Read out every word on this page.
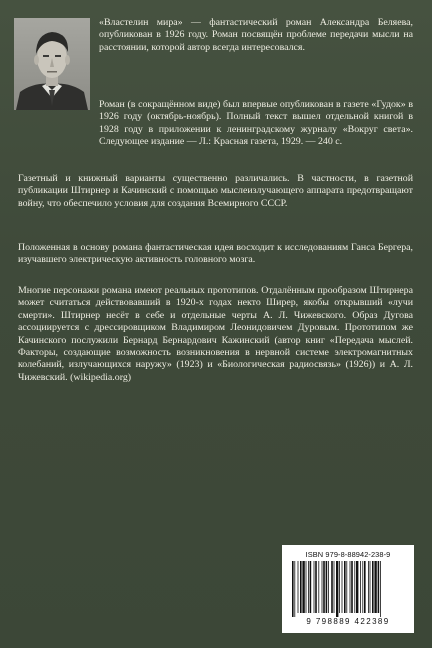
«Властелин мира» — фантастический роман Александра Беляева, опубликован в 1926 году. Роман посвящён проблеме передачи мысли на расстоянии, которой автор всегда интересовался.

Роман (в сокращённом виде) был впервые опубликован в газете «Гудок» в 1926 году (октябрь-ноябрь). Полный текст вышел отдельной книгой в 1928 году в приложении к ленинградскому журналу «Вокруг света». Следующее издание — Л.: Красная газета, 1929. — 240 с.

Газетный и книжный варианты существенно различались. В частности, в газетной публикации Штирнер и Качинский с помощью мыслеизлучающего аппарата предотвращают войну, что обеспечило условия для создания Всемирного СССР.

Положенная в основу романа фантастическая идея восходит к исследованиям Ганса Бергера, изучавшего электрическую активность головного мозга.

Многие персонажи романа имеют реальных прототипов. Отдалённым прообразом Штирнера может считаться действовавший в 1920-х годах некто Ширер, якобы открывший «лучи смерти». Штирнер несёт в себе и отдельные черты А. Л. Чижевского. Образ Дугова ассоциируется с дрессировщиком Владимиром Леонидовичем Дуровым. Прототипом же Качинского послужили Бернард Бернардович Кажинский (автор книг «Передача мыслей. Факторы, создающие возможность возникновения в нервной системе электромагнитных колебаний, излучающихся наружу» (1923) и «Биологическая радиосвязь» (1926)) и А. Л. Чижевский. (wikipedia.org)

ISBN 979-8-88942-238-9
9 798889 422389
